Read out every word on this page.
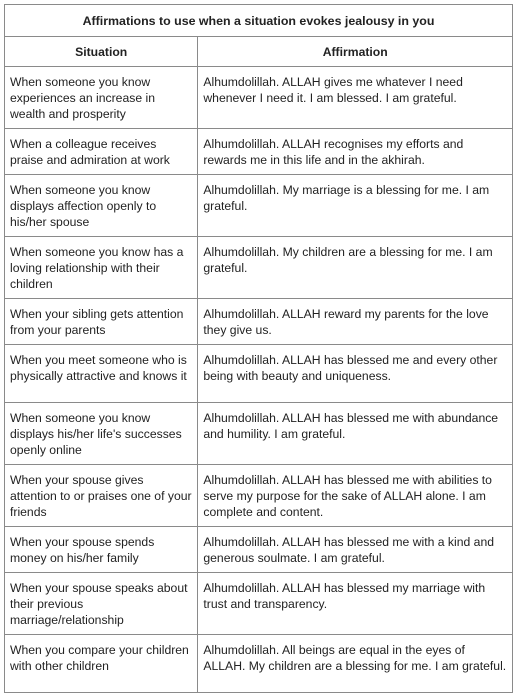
Affirmations to use when a situation evokes jealousy in you	
Situation	Affirmation

When someone you know experiences an increase in wealth and prosperity	Alhumdolillah. ALLAH gives me whatever I need whenever I need it. I am blessed. I am grateful.

When a colleague receives praise and admiration at work	Alhumdolillah. ALLAH recognises my efforts and rewards me in this life and in the akhirah.

When someone you know displays affection openly to his/her spouse	Alhumdolillah. My marriage is a blessing for me. I am grateful.

When someone you know has a loving relationship with their children	Alhumdolillah. My children are a blessing for me. I am grateful.

When your sibling gets attention from your parents	Alhumdolillah. ALLAH reward my parents for the love they give us.

When you meet someone who is physically attractive and knows it	Alhumdolillah. ALLAH has blessed me and every other being with beauty and uniqueness.

When someone you know displays his/her life's successes openly online	Alhumdolillah. ALLAH has blessed me with abundance and humility. I am grateful.

When your spouse gives attention to or praises one of your friends	Alhumdolillah. ALLAH has blessed me with abilities to serve my purpose for the sake of ALLAH alone. I am complete and content.

When your spouse spends money on his/her family	Alhumdolillah. ALLAH has blessed me with a kind and generous soulmate. I am grateful.

When your spouse speaks about their previous marriage/relationship	Alhumdolillah. ALLAH has blessed my marriage with trust and transparency.

When you compare your children with other children	Alhumdolillah. All beings are equal in the eyes of ALLAH. My children are a blessing for me. I am grateful.
